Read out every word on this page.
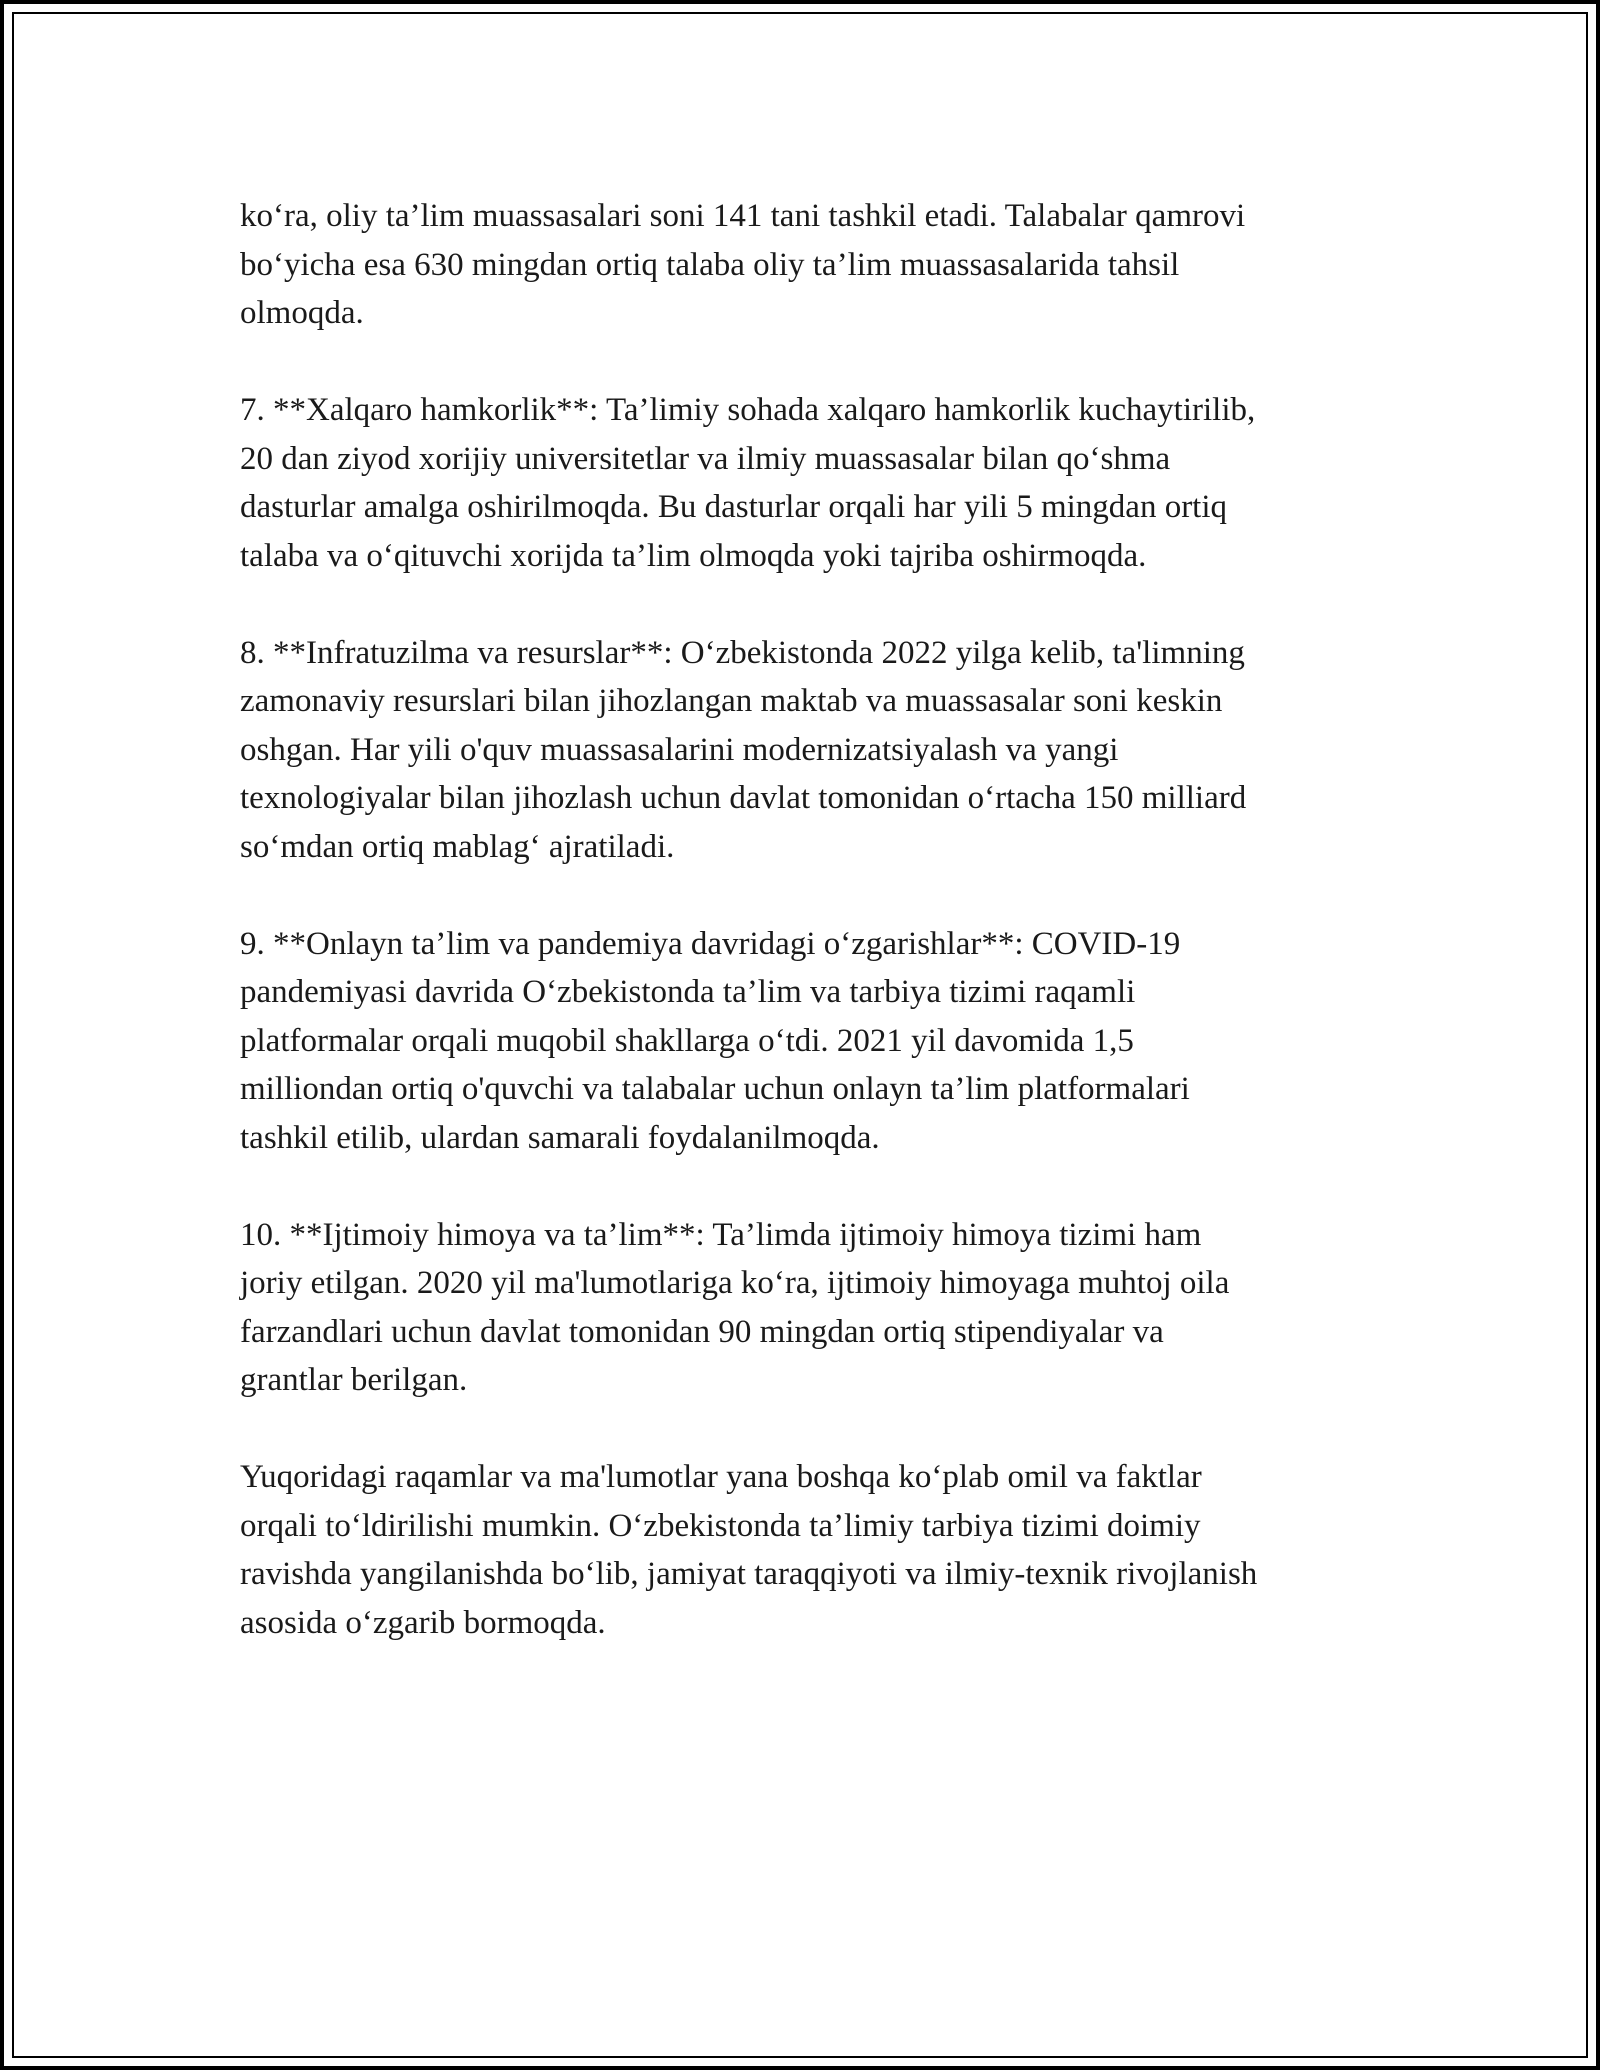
ko‘ra, oliy ta’lim muassasalari soni 141 tani tashkil etadi. Talabalar qamrovi
bo‘yicha esa 630 mingdan ortiq talaba oliy ta’lim muassasalarida tahsil
olmoqda.

7. **Xalqaro hamkorlik**: Ta’limiy sohada xalqaro hamkorlik kuchaytirilib,
20 dan ziyod xorijiy universitetlar va ilmiy muassasalar bilan qo‘shma
dasturlar amalga oshirilmoqda. Bu dasturlar orqali har yili 5 mingdan ortiq
talaba va o‘qituvchi xorijda ta’lim olmoqda yoki tajriba oshirmoqda.

8. **Infratuzilma va resurslar**: O‘zbekistonda 2022 yilga kelib, ta'limning
zamonaviy resurslari bilan jihozlangan maktab va muassasalar soni keskin
oshgan. Har yili o'quv muassasalarini modernizatsiyalash va yangi
texnologiyalar bilan jihozlash uchun davlat tomonidan o‘rtacha 150 milliard
so‘mdan ortiq mablag‘ ajratiladi.

9. **Onlayn ta’lim va pandemiya davridagi o‘zgarishlar**: COVID-19
pandemiyasi davrida O‘zbekistonda ta’lim va tarbiya tizimi raqamli
platformalar orqali muqobil shakllarga o‘tdi. 2021 yil davomida 1,5
milliondan ortiq o'quvchi va talabalar uchun onlayn ta’lim platformalari
tashkil etilib, ulardan samarali foydalanilmoqda.

10. **Ijtimoiy himoya va ta’lim**: Ta’limda ijtimoiy himoya tizimi ham
joriy etilgan. 2020 yil ma'lumotlariga ko‘ra, ijtimoiy himoyaga muhtoj oila
farzandlari uchun davlat tomonidan 90 mingdan ortiq stipendiyalar va
grantlar berilgan.

Yuqoridagi raqamlar va ma'lumotlar yana boshqa ko‘plab omil va faktlar
orqali to‘ldirilishi mumkin. O‘zbekistonda ta’limiy tarbiya tizimi doimiy
ravishda yangilanishda bo‘lib, jamiyat taraqqiyoti va ilmiy-texnik rivojlanish
asosida o‘zgarib bormoqda.
